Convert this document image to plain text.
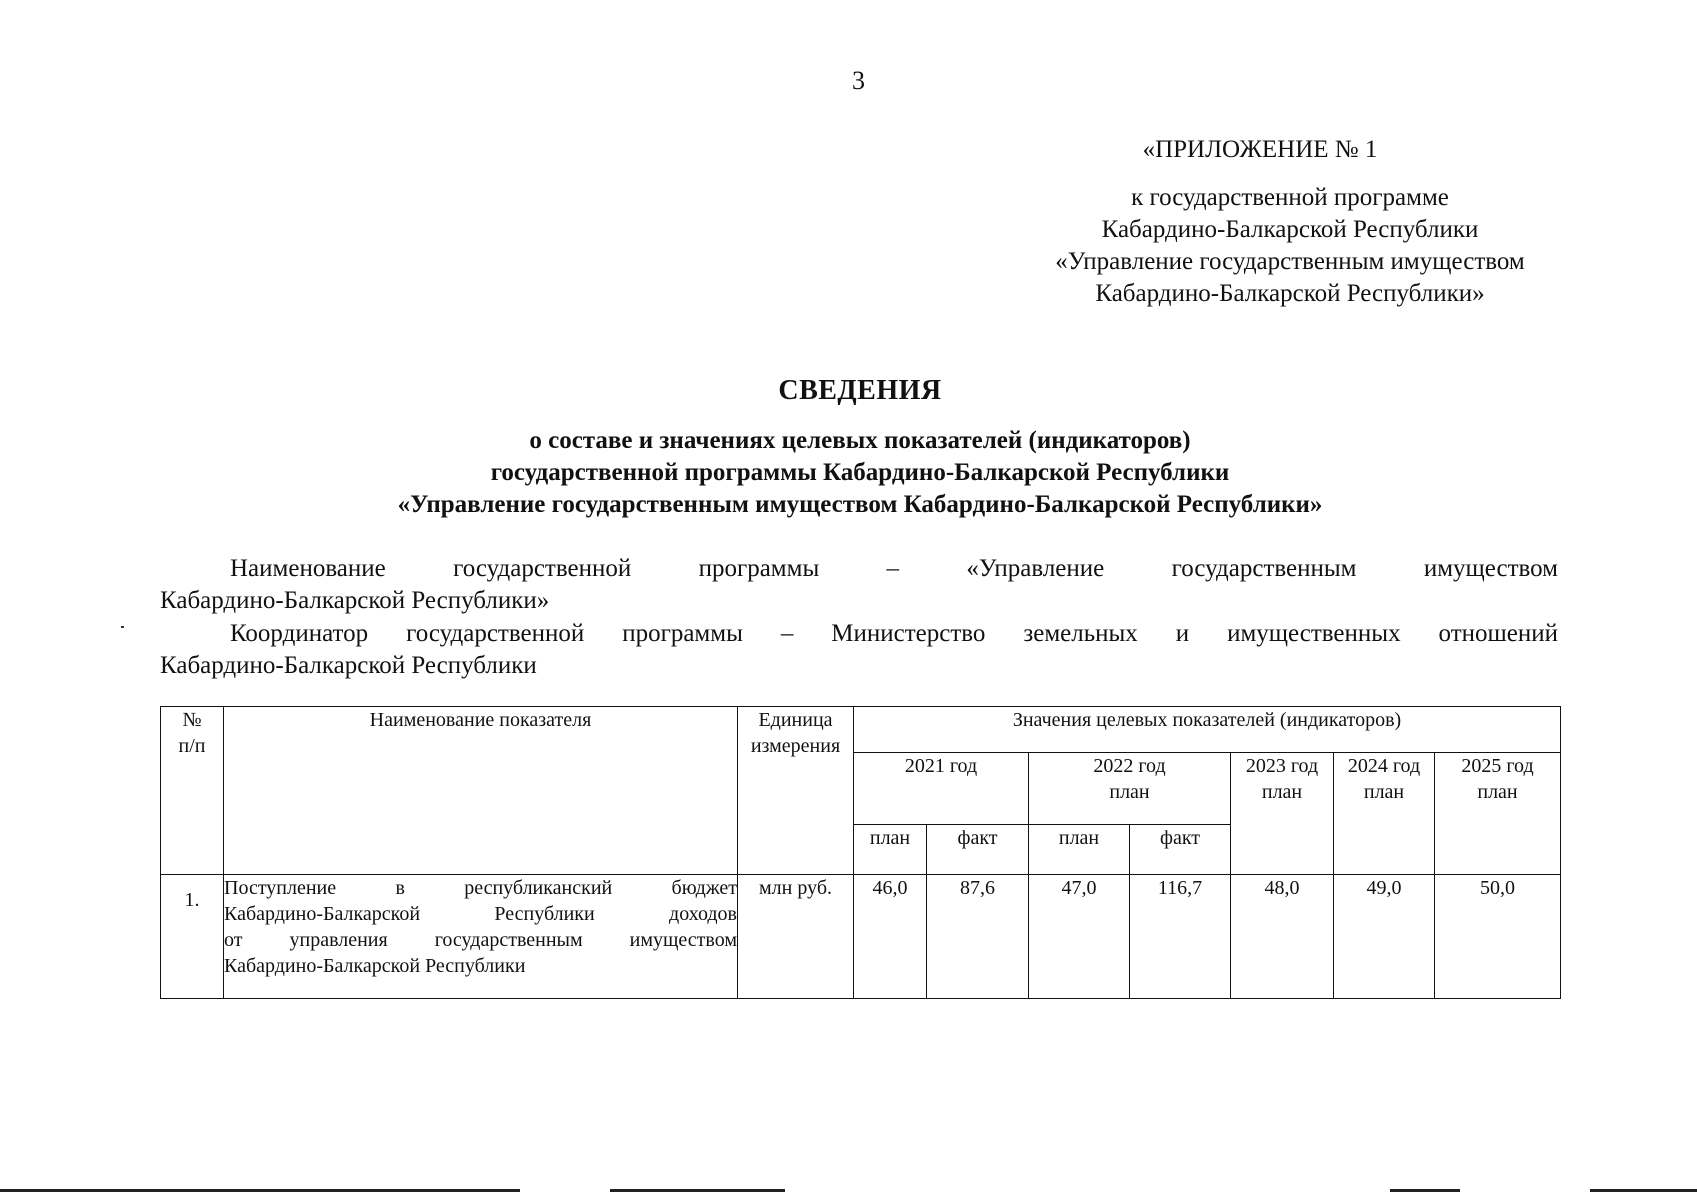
3
«ПРИЛОЖЕНИЕ № 1
к государственной программе
Кабардино-Балкарской Республики
«Управление государственным имуществом
Кабардино-Балкарской Республики»
СВЕДЕНИЯ
о составе и значениях целевых показателей (индикаторов)
государственной программы Кабардино-Балкарской Республики
«Управление государственным имуществом Кабардино-Балкарской Республики»
Наименование государственной программы – «Управление государственным имуществом
Кабардино-Балкарской Республики»
Координатор государственной программы – Министерство земельных и имущественных отношений
Кабардино-Балкарской Республики
№ п/п	Наименование показателя	Единица измерения	Значения целевых показателей (индикаторов)						
			2021 год		2022 год план		2023 год план	2024 год план	2025 год план
			план	факт	план	факт			
1.	Поступление в республиканский бюджет
Кабардино-Балкарской Республики доходов
от управления государственным имуществом
Кабардино-Балкарской Республики	млн руб.	46,0	87,6	47,0	116,7	48,0	49,0	50,0
